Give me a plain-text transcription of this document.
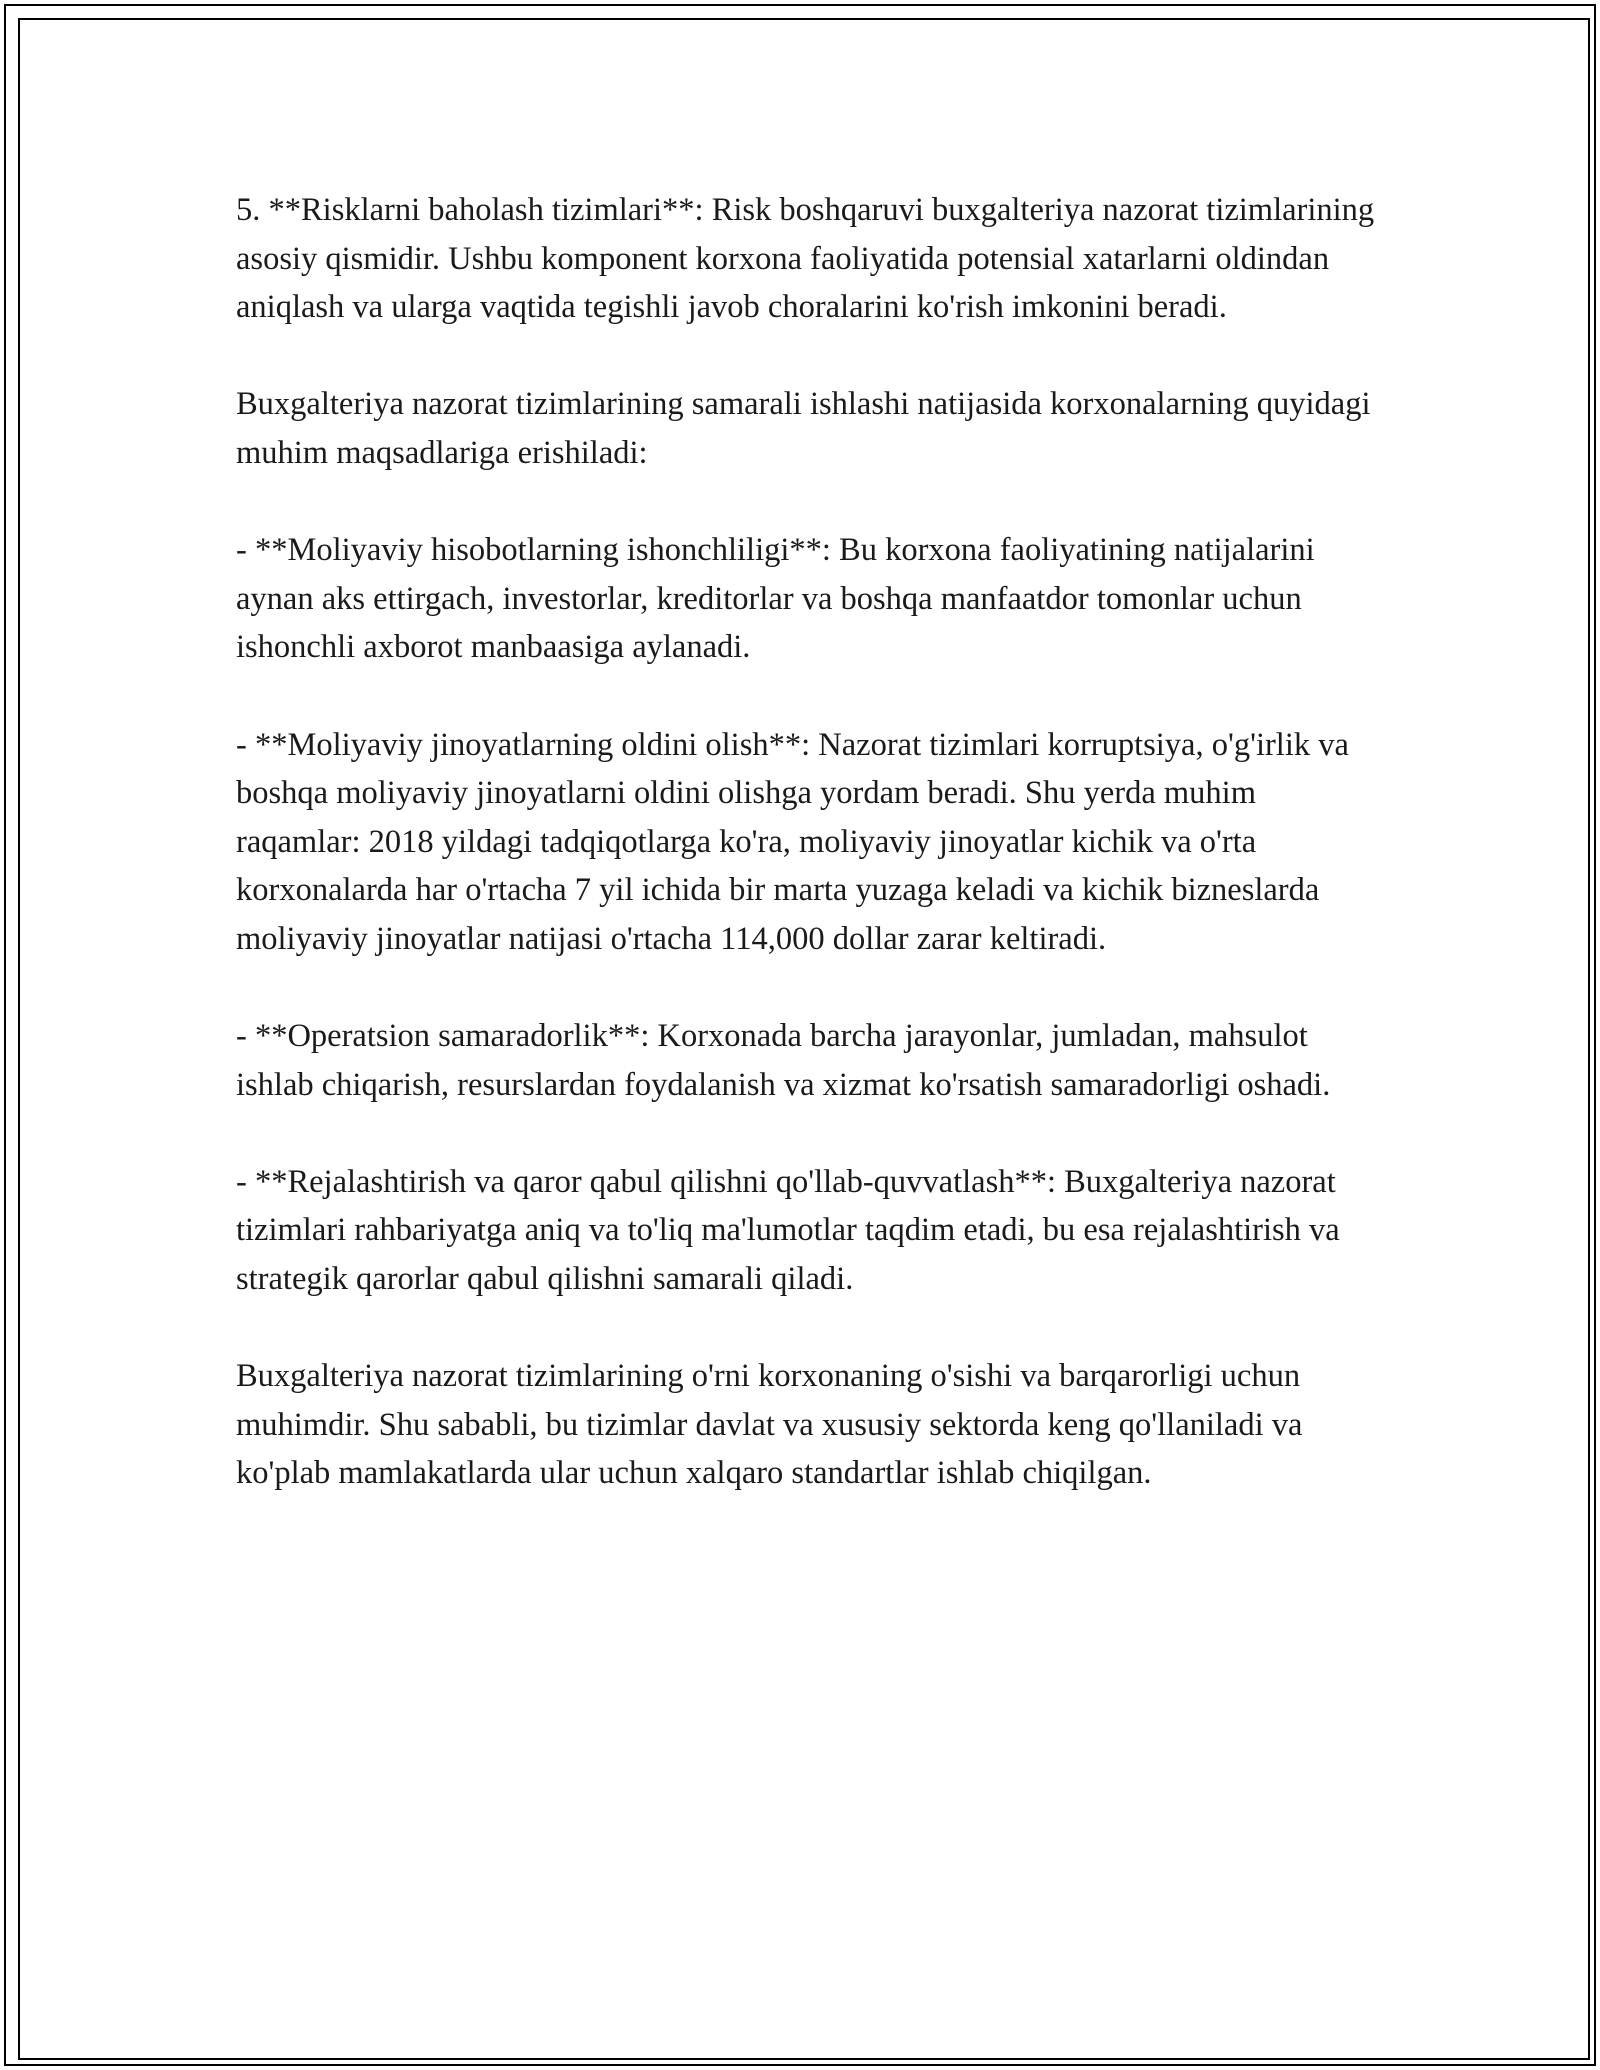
5. **Risklarni baholash tizimlari**: Risk boshqaruvi buxgalteriya nazorat tizimlarining asosiy qismidir. Ushbu komponent korxona faoliyatida potensial xatarlarni oldindan aniqlash va ularga vaqtida tegishli javob choralarini ko'rish imkonini beradi.

Buxgalteriya nazorat tizimlarining samarali ishlashi natijasida korxonalarning quyidagi muhim maqsadlariga erishiladi:

- **Moliyaviy hisobotlarning ishonchliligi**: Bu korxona faoliyatining natijalarini aynan aks ettirgach, investorlar, kreditorlar va boshqa manfaatdor tomonlar uchun ishonchli axborot manbaasiga aylanadi.

- **Moliyaviy jinoyatlarning oldini olish**: Nazorat tizimlari korruptsiya, o'g'irlik va boshqa moliyaviy jinoyatlarni oldini olishga yordam beradi. Shu yerda muhim raqamlar: 2018 yildagi tadqiqotlarga ko'ra, moliyaviy jinoyatlar kichik va o'rta korxonalarda har o'rtacha 7 yil ichida bir marta yuzaga keladi va kichik bizneslarda moliyaviy jinoyatlar natijasi o'rtacha 114,000 dollar zarar keltiradi.

- **Operatsion samaradorlik**: Korxonada barcha jarayonlar, jumladan, mahsulot ishlab chiqarish, resurslardan foydalanish va xizmat ko'rsatish samaradorligi oshadi.

- **Rejalashtirish va qaror qabul qilishni qo'llab-quvvatlash**: Buxgalteriya nazorat tizimlari rahbariyatga aniq va to'liq ma'lumotlar taqdim etadi, bu esa rejalashtirish va strategik qarorlar qabul qilishni samarali qiladi.

Buxgalteriya nazorat tizimlarining o'rni korxonaning o'sishi va barqarorligi uchun muhimdir. Shu sababli, bu tizimlar davlat va xususiy sektorda keng qo'llaniladi va ko'plab mamlakatlarda ular uchun xalqaro standartlar ishlab chiqilgan.
